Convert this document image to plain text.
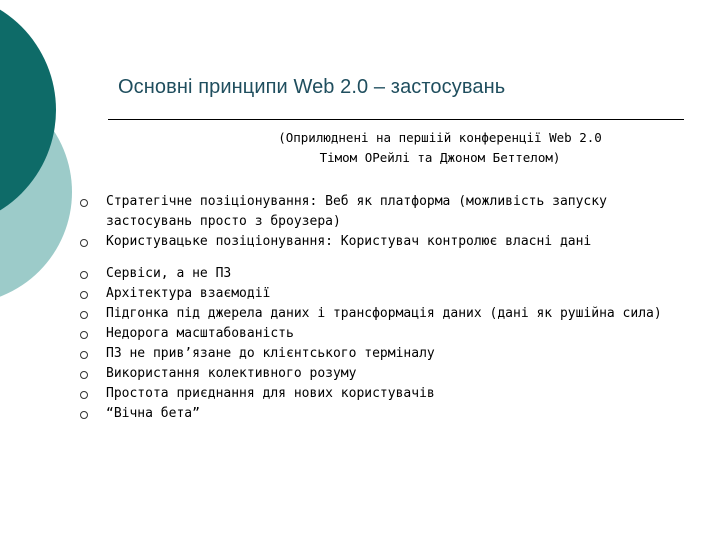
Основні принципи Web 2.0 – застосувань
(Оприлюднені на першіій конференції Web 2.0
Тімом ОРейлі та Джоном Беттелом)
Стратегічне позіціонування: Веб як платформа (можливість запуску
застосувань просто з броузера)
Користувацьке позіціонування: Користувач контролює власні дані
Сервіси, а не ПЗ
Архітектура взаємодії
Підгонка під джерела даних і трансформація даних (дані як рушійна сила)
Недорога масштабованість
ПЗ не прив’язане до клієнтського терміналу
Використання колективного розуму
Простота приєднання для нових користувачів
“Вічна бета”
